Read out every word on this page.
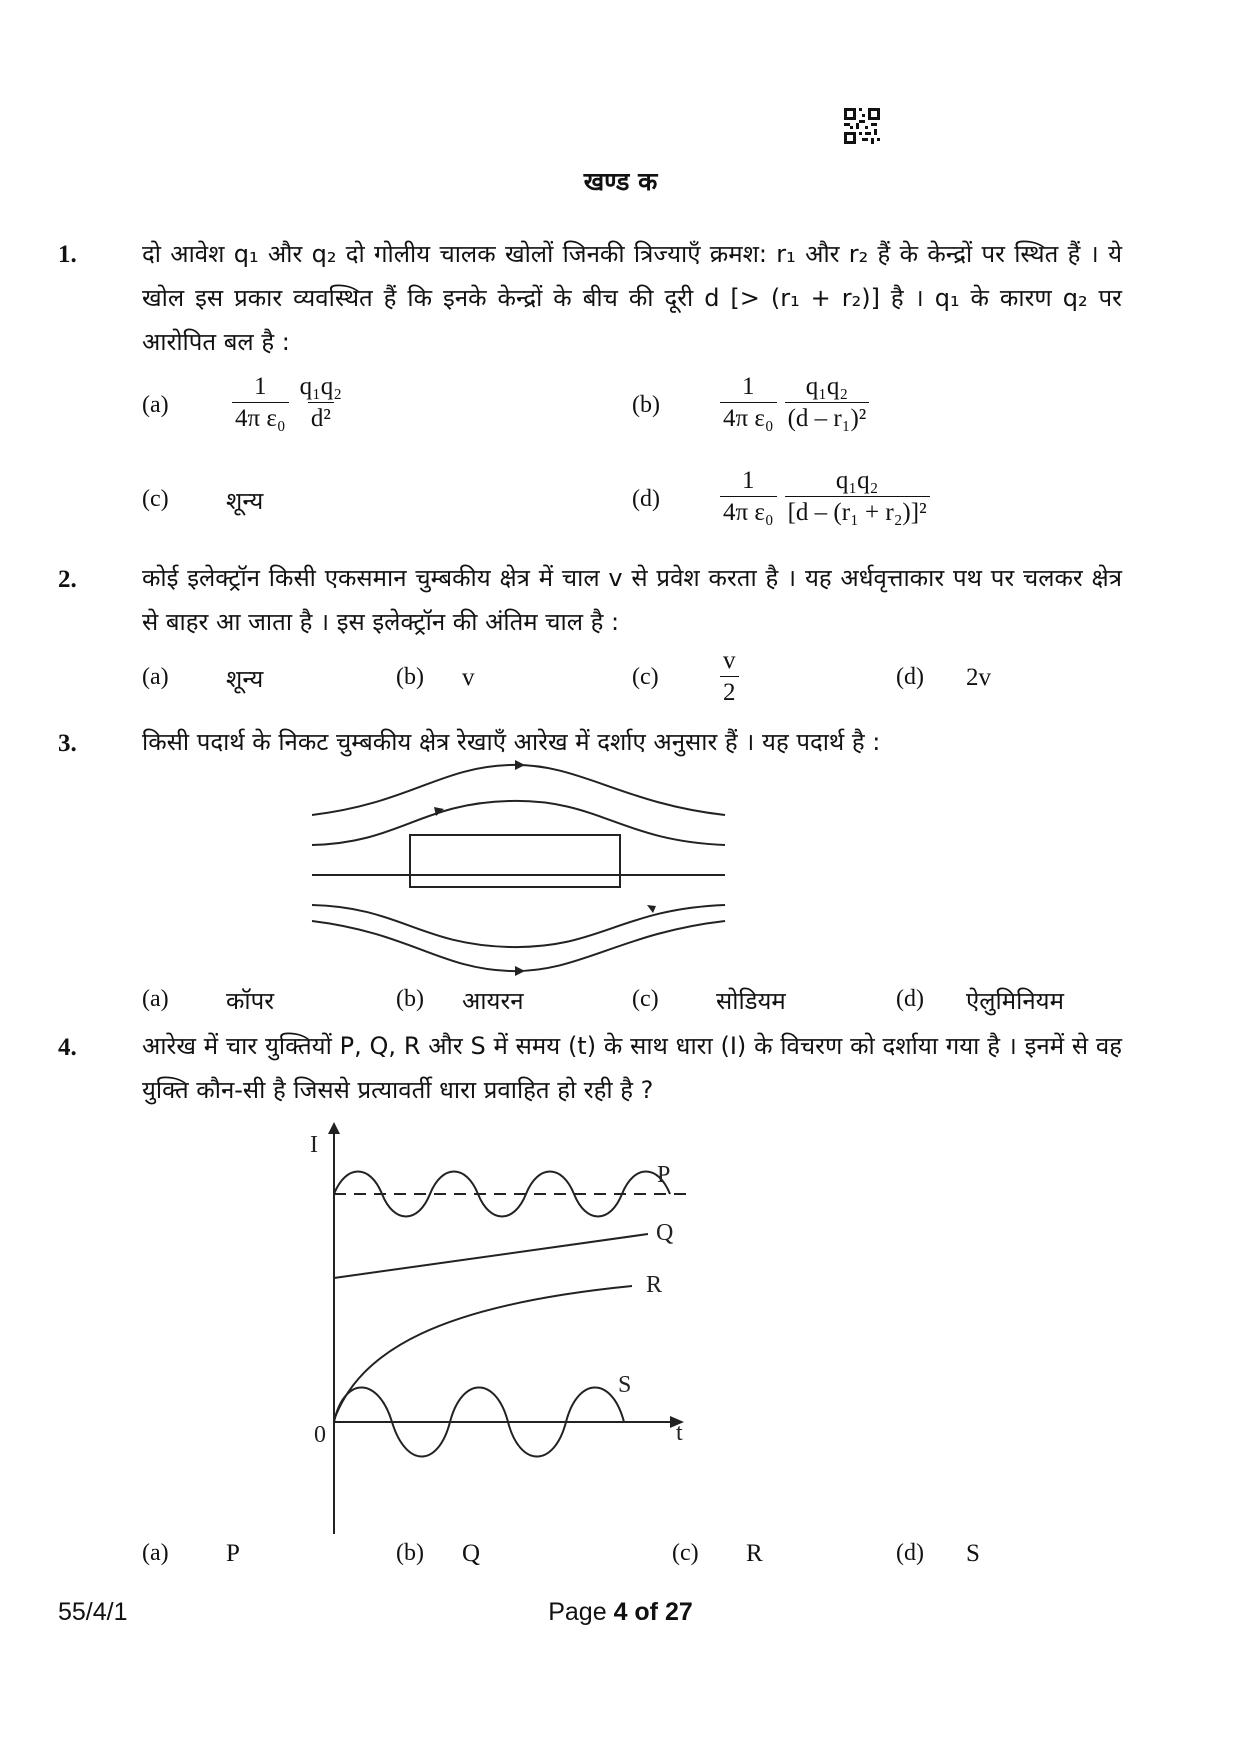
खण्ड क
1.	दो आवेश q₁ और q₂ दो गोलीय चालक खोलों जिनकी त्रिज्याएँ क्रमश: r₁ और r₂ हैं के केन्द्रों पर स्थित हैं । ये खोल इस प्रकार व्यवस्थित हैं कि इनके केन्द्रों के बीच की दूरी d [> (r₁ + r₂)] है । q₁ के कारण q₂ पर आरोपित बल है :
(a)	$\frac{1}{\text{4π ε₀}} \frac{\text{q₁q₂}}{\text{d²}}$	$(b) \frac{1}{\text{4π ε₀}} \frac{\text{q₁q₂}}{\text{(d – r₁)²}}$
(c) शून्य	$(d) \frac{1}{\text{4π ε₀}} \frac{\text{q₁q₂}}{\text{[d – (r₁ + r₂)]²}}$
2.	कोई इलेक्ट्रॉन किसी एकसमान चुम्बकीय क्षेत्र में चाल v से प्रवेश करता है । यह अर्धवृत्ताकार पथ पर चलकर क्षेत्र से बाहर आ जाता है । इस इलेक्ट्रॉन की अंतिम चाल है :
(a) शून्य	(b) v	$(c) \frac{v}{2}$	(d) 2v
3.	किसी पदार्थ के निकट चुम्बकीय क्षेत्र रेखाएँ आरेख में दर्शाए अनुसार हैं । यह पदार्थ है :
(a) कॉपर	(b) आयरन	(c) सोडियम	(d) ऐलुमिनियम
4.	आरेख में चार युक्तियों P, Q, R और S में समय (t) के साथ धारा (I) के विचरण को दर्शाया गया है । इनमें से वह युक्ति कौन-सी है जिससे प्रत्यावर्ती धारा प्रवाहित हो रही है ?
I
t
0
P
Q
R
S
(a) P	(b) Q	(c) R	(d) S
55/4/1	Page 4 of 27
